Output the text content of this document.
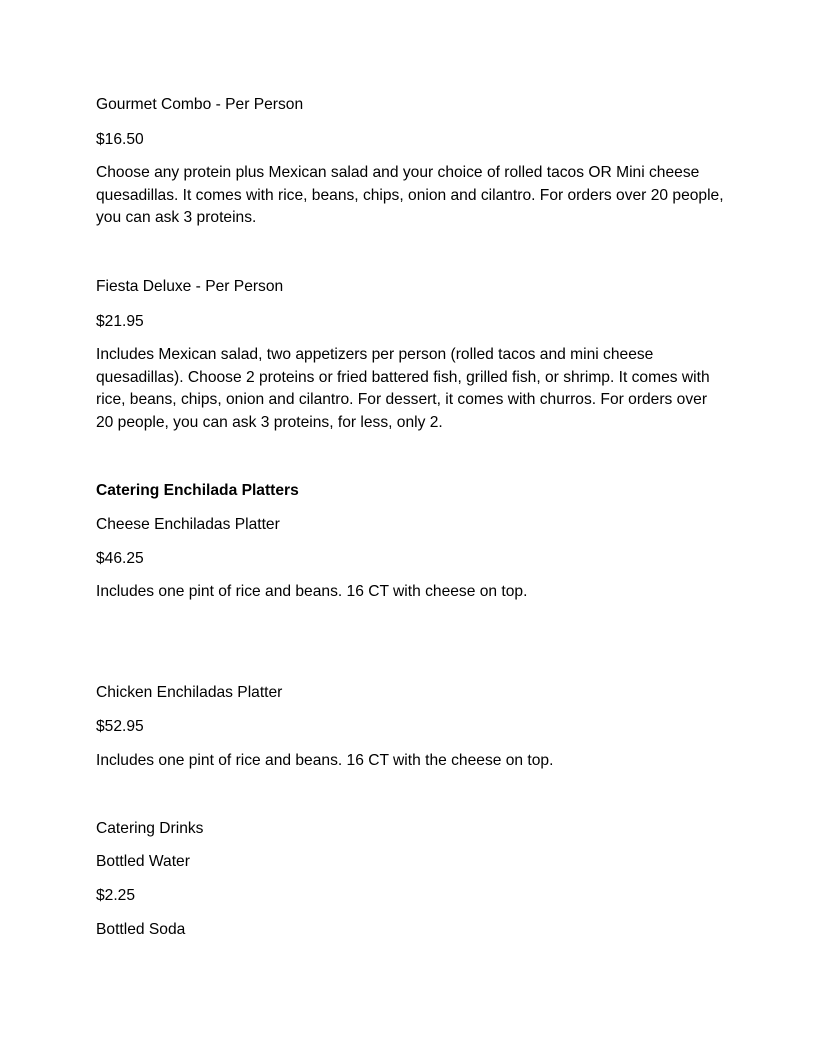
Gourmet Combo - Per Person
$16.50
Choose any protein plus Mexican salad and your choice of rolled tacos OR Mini cheese quesadillas. It comes with rice, beans, chips, onion and cilantro. For orders over 20 people, you can ask 3 proteins.
Fiesta Deluxe - Per Person
$21.95
Includes Mexican salad, two appetizers per person (rolled tacos and mini cheese quesadillas). Choose 2 proteins or fried battered fish, grilled fish, or shrimp. It comes with rice, beans, chips, onion and cilantro. For dessert, it comes with churros. For orders over 20 people, you can ask 3 proteins, for less, only 2.
Catering Enchilada Platters
Cheese Enchiladas Platter
$46.25
Includes one pint of rice and beans. 16 CT with cheese on top.
Chicken Enchiladas Platter
$52.95
Includes one pint of rice and beans. 16 CT with the cheese on top.
Catering Drinks
Bottled Water
$2.25
Bottled Soda
